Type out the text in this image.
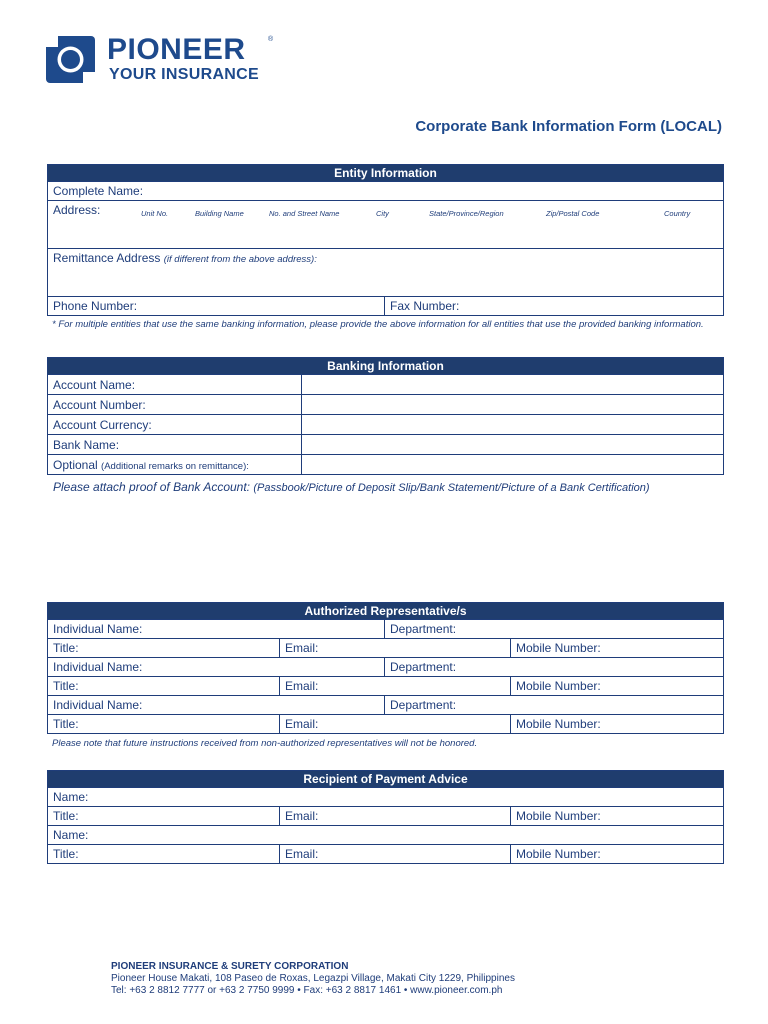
PIONEER	®
YOUR INSURANCE
Corporate Bank Information Form (LOCAL)
Entity Information
Complete Name:
Address:	Unit No.	Building Name	No. and Street Name	City	State/Province/Region	Zip/Postal Code	Country

Remittance Address (if different from the above address):
Phone Number:	Fax Number:
* For multiple entities that use the same banking information, please provide the above information for all entities that use the provided banking information.
Banking Information	
Account Name:	
Account Number:	
Account Currency:	
Bank Name:	
Optional (Additional remarks on remittance):	
Please attach proof of Bank Account: (Passbook/Picture of Deposit Slip/Bank Statement/Picture of a Bank Certification)
Authorized Representative/s			
Individual Name:		Department:	
Title:	Email:		Mobile Number:
Individual Name:		Department:	
Title:	Email:		Mobile Number:
Individual Name:		Department:	
Title:	Email:		Mobile Number:
Please note that future instructions received from non-authorized representatives will not be honored.
Recipient of Payment Advice		
Name:		
Title:	Email:	Mobile Number:
Name:		
Title:	Email:	Mobile Number:
PIONEER INSURANCE & SURETY CORPORATION
Pioneer House Makati, 108 Paseo de Roxas, Legazpi Village, Makati City 1229, Philippines
Tel: +63 2 8812 7777 or +63 2 7750 9999 • Fax: +63 2 8817 1461 • www.pioneer.com.ph
